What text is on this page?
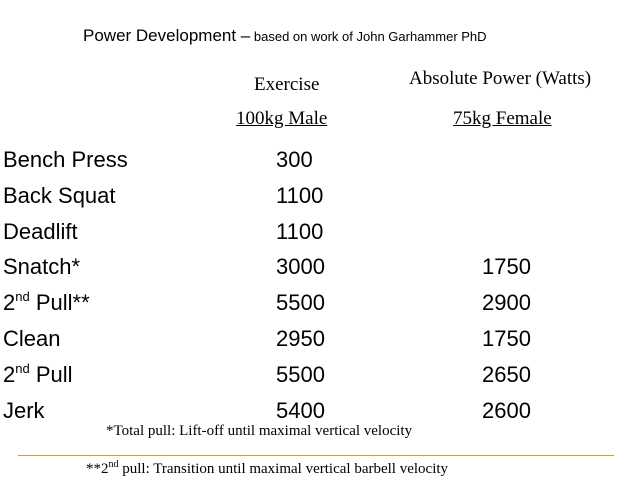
Power Development – based on work of John Garhammer PhD
Exercise	Absolute Power (Watts)
100kg Male	75kg Female
Bench Press	300
Back Squat	1100
Deadlift	1100
Snatch*	3000	1750
2nd Pull**	5500	2900
Clean	2950	1750
2nd Pull	5500	2650
Jerk	5400	2600
*Total pull: Lift-off until maximal vertical velocity
**2nd pull: Transition until maximal vertical barbell velocity
